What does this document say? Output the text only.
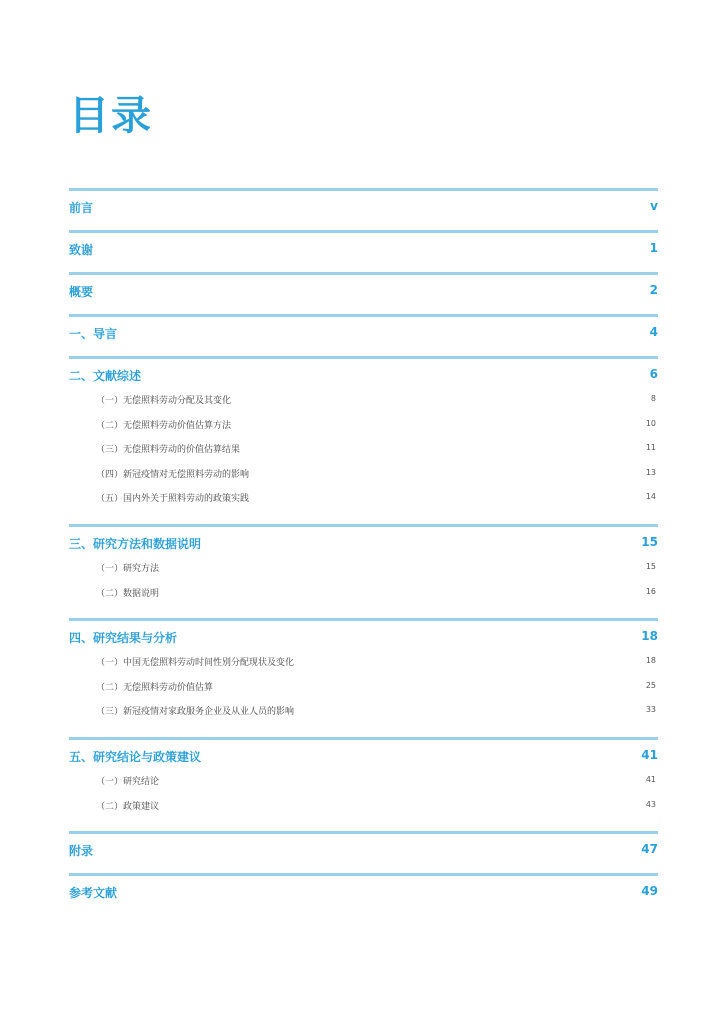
目录
前言	v
致谢	1
概要	2
一、导言	4
二、文献综述	6
（一）无偿照料劳动分配及其变化	8
（二）无偿照料劳动价值估算方法	10
（三）无偿照料劳动的价值估算结果	11
（四）新冠疫情对无偿照料劳动的影响	13
（五）国内外关于照料劳动的政策实践	14
三、研究方法和数据说明	15
（一）研究方法	15
（二）数据说明	16
四、研究结果与分析	18
（一）中国无偿照料劳动时间性别分配现状及变化	18
（二）无偿照料劳动价值估算	25
（三）新冠疫情对家政服务企业及从业人员的影响	33
五、研究结论与政策建议	41
（一）研究结论	41
（二）政策建议	43
附录	47
参考文献	49
